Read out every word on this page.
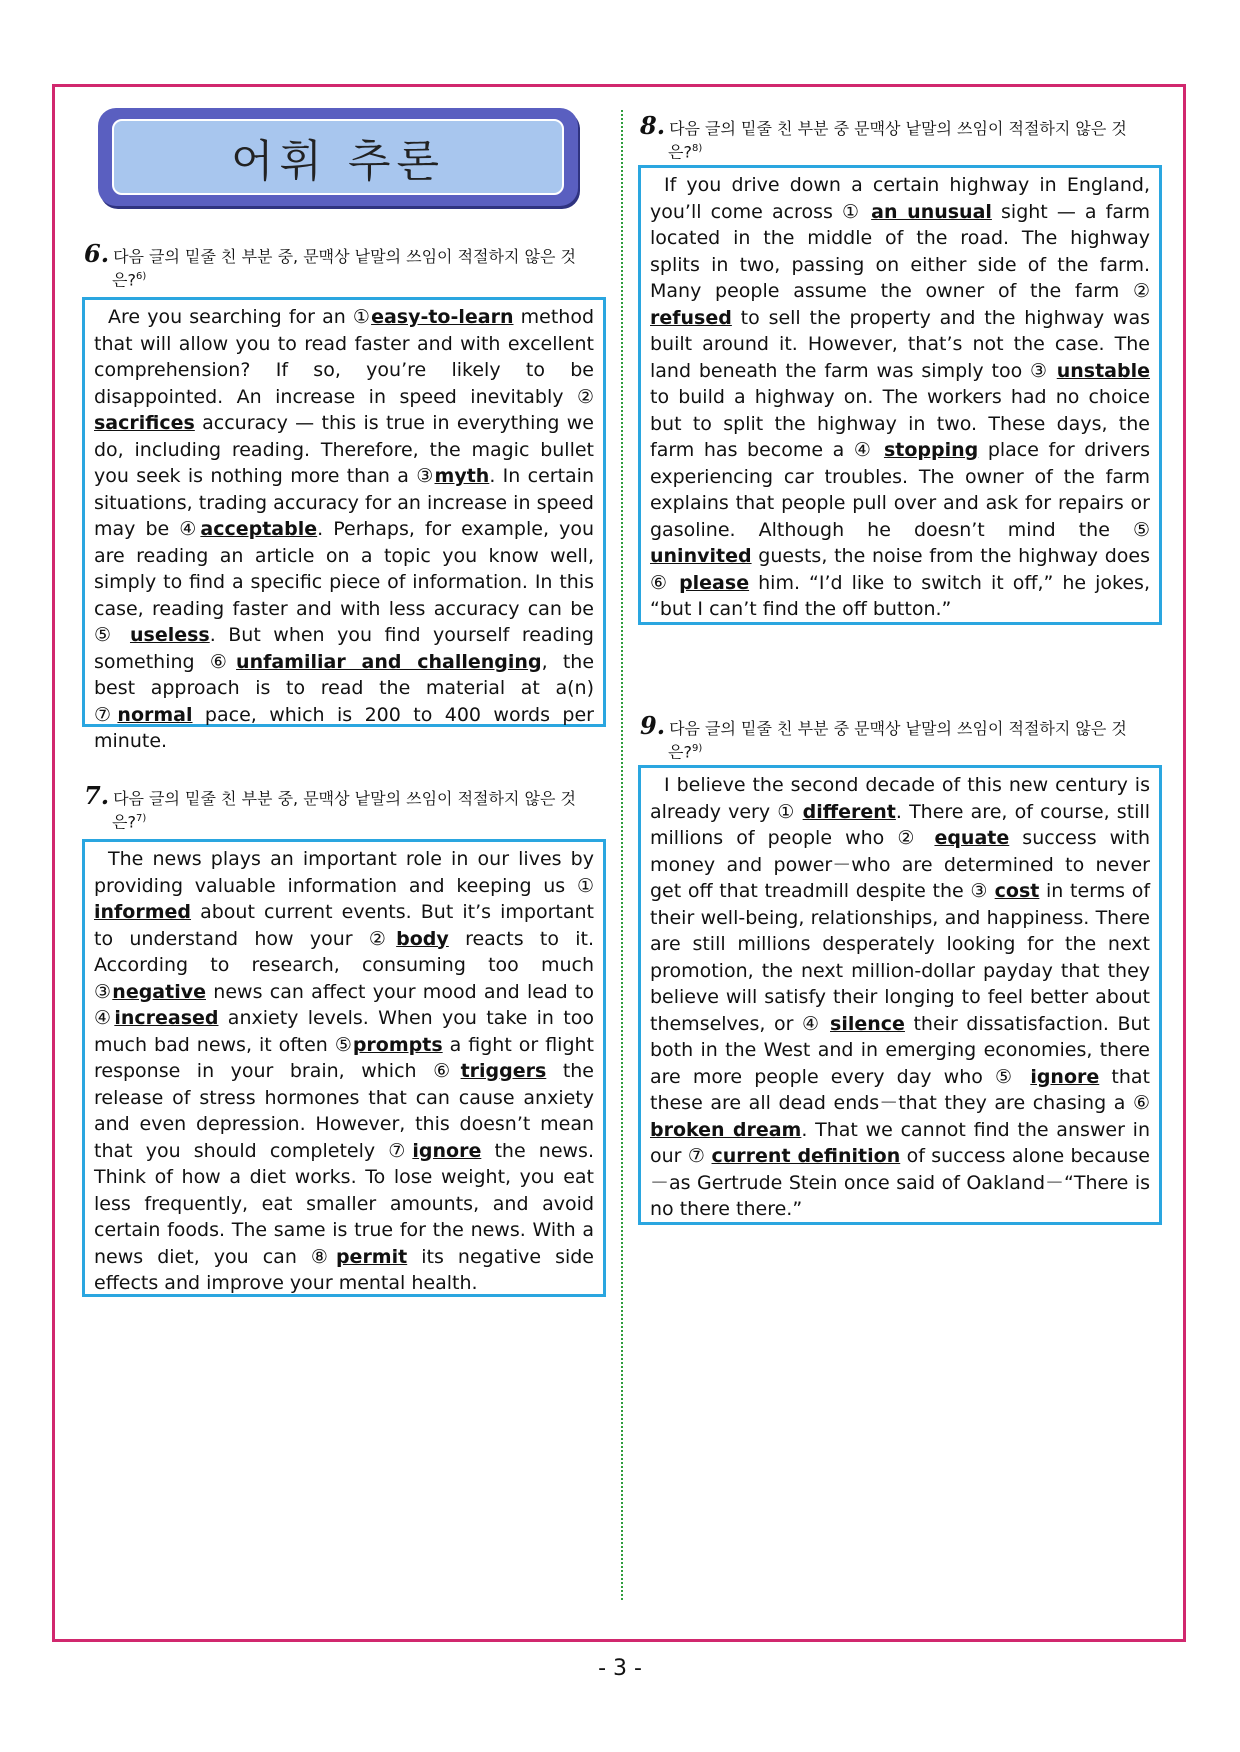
어휘 추론
6. 다음 글의 밑줄 친 부분 중, 문맥상 낱말의 쓰임이 적절하지 않은 것
은?$^{6)}$
Are you searching for an ①easy-to-learn method that will allow you to read faster and with excellent comprehension? If so, you’re likely to be disappointed. An increase in speed inevitably ② sacrifices accuracy — this is true in everything we do, including reading. Therefore, the magic bullet you seek is nothing more than a ③myth. In certain situations, trading accuracy for an increase in speed may be ④acceptable. Perhaps, for example, you are reading an article on a topic you know well, simply to find a specific piece of information. In this case, reading faster and with less accuracy can be ⑤ useless. But when you find yourself reading something ⑥unfamiliar and challenging, the best approach is to read the material at a(n) ⑦normal pace, which is 200 to 400 words per minute.
7. 다음 글의 밑줄 친 부분 중, 문맥상 낱말의 쓰임이 적절하지 않은 것
은?$^{7)}$
The news plays an important role in our lives by providing valuable information and keeping us ① informed about current events. But it’s important to understand how your ②body reacts to it. According to research, consuming too much ③negative news can affect your mood and lead to ④increased anxiety levels. When you take in too much bad news, it often ⑤prompts a fight or flight response in your brain, which ⑥triggers the release of stress hormones that can cause anxiety and even depression. However, this doesn’t mean that you should completely ⑦ignore the news. Think of how a diet works. To lose weight, you eat less frequently, eat smaller amounts, and avoid certain foods. The same is true for the news. With a news diet, you can ⑧permit its negative side effects and improve your mental health.
8. 다음 글의 밑줄 친 부분 중 문맥상 낱말의 쓰임이 적절하지 않은 것
은?$^{8)}$
If you drive down a certain highway in England, you’ll come across ① an unusual sight — a farm located in the middle of the road. The highway splits in two, passing on either side of the farm. Many people assume the owner of the farm ② refused to sell the property and the highway was built around it. However, that’s not the case. The land beneath the farm was simply too ③ unstable to build a highway on. The workers had no choice but to split the highway in two. These days, the farm has become a ④ stopping place for drivers experiencing car troubles. The owner of the farm explains that people pull over and ask for repairs or gasoline. Although he doesn’t mind the ⑤ uninvited guests, the noise from the highway does ⑥ please him. “I’d like to switch it off,” he jokes, “but I can’t find the off button.”
9. 다음 글의 밑줄 친 부분 중 문맥상 낱말의 쓰임이 적절하지 않은 것
은?$^{9)}$
I believe the second decade of this new century is already very ① different. There are, of course, still millions of people who ② equate success with money and power－who are determined to never get off that treadmill despite the ③ cost in terms of their well-being, relationships, and happiness. There are still millions desperately looking for the next promotion, the next million-dollar payday that they believe will satisfy their longing to feel better about themselves, or ④ silence their dissatisfaction. But both in the West and in emerging economies, there are more people every day who ⑤ ignore that these are all dead ends－that they are chasing a ⑥ broken dream. That we cannot find the answer in our ⑦ current definition of success alone because－as Gertrude Stein once said of Oakland－“There is no there there.”
- 3 -
